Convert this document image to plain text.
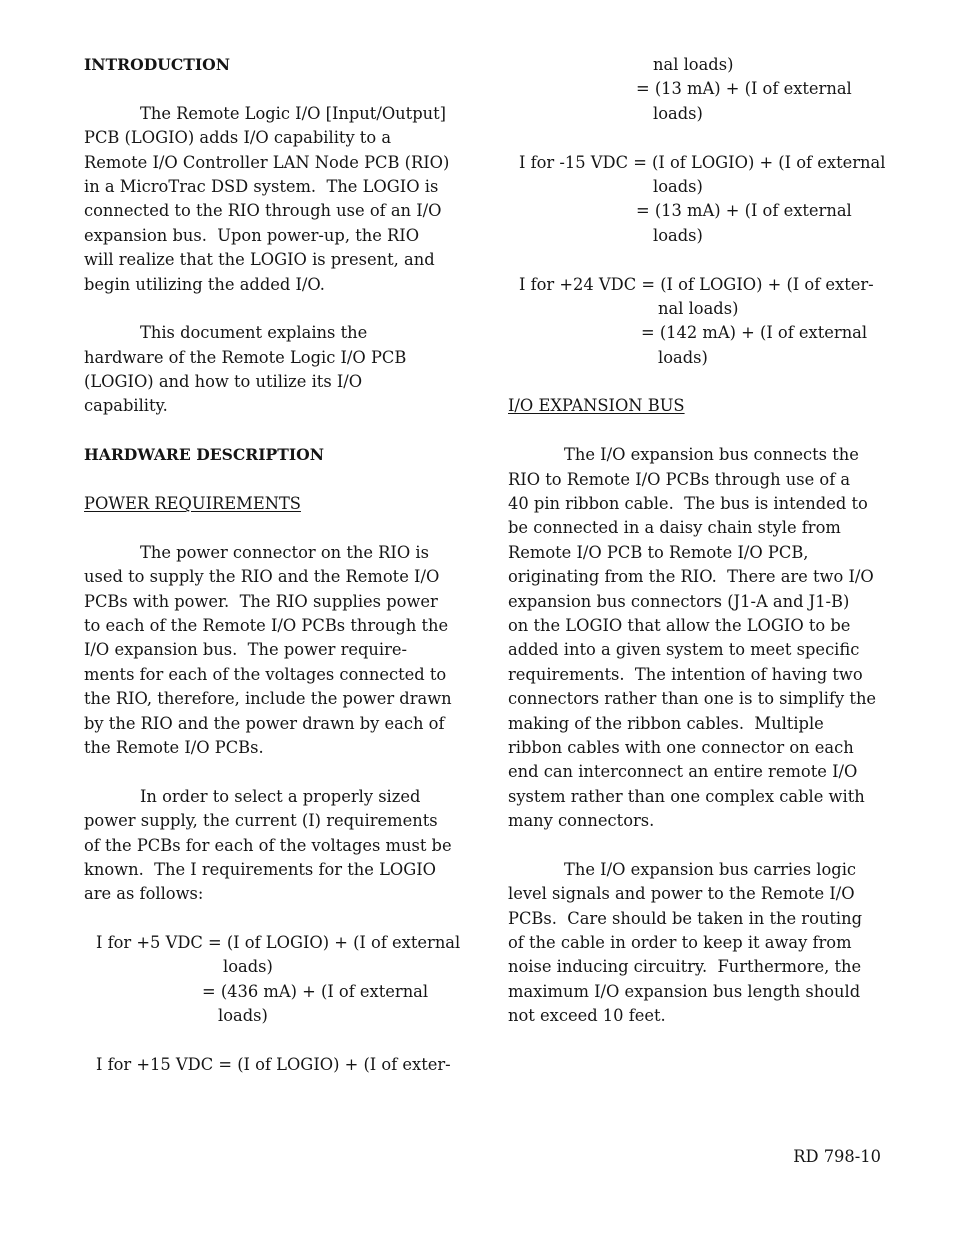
INTRODUCTION
The Remote Logic I/O [Input/Output]
PCB (LOGIO) adds I/O capability to a
Remote I/O Controller LAN Node PCB (RIO)
in a MicroTrac DSD system.  The LOGIO is
connected to the RIO through use of an I/O
expansion bus.  Upon power-up, the RIO
will realize that the LOGIO is present, and
begin utilizing the added I/O.
This document explains the
hardware of the Remote Logic I/O PCB
(LOGIO) and how to utilize its I/O
capability.
HARDWARE DESCRIPTION
POWER REQUIREMENTS
The power connector on the RIO is
used to supply the RIO and the Remote I/O
PCBs with power.  The RIO supplies power
to each of the Remote I/O PCBs through the
I/O expansion bus.  The power require-
ments for each of the voltages connected to
the RIO, therefore, include the power drawn
by the RIO and the power drawn by each of
the Remote I/O PCBs.
In order to select a properly sized
power supply, the current (I) requirements
of the PCBs for each of the voltages must be
known.  The I requirements for the LOGIO
are as follows:
I for +5 VDC = (I of LOGIO) + (I of external
loads)
= (436 mA) + (I of external
loads)
I for +15 VDC = (I of LOGIO) + (I of exter-
nal loads)
= (13 mA) + (I of external
loads)
I for -15 VDC = (I of LOGIO) + (I of external
loads)
= (13 mA) + (I of external
loads)
I for +24 VDC = (I of LOGIO) + (I of exter-
nal loads)
= (142 mA) + (I of external
loads)
I/O EXPANSION BUS
The I/O expansion bus connects the
RIO to Remote I/O PCBs through use of a
40 pin ribbon cable.  The bus is intended to
be connected in a daisy chain style from
Remote I/O PCB to Remote I/O PCB,
originating from the RIO.  There are two I/O
expansion bus connectors (J1-A and J1-B)
on the LOGIO that allow the LOGIO to be
added into a given system to meet specific
requirements.  The intention of having two
connectors rather than one is to simplify the
making of the ribbon cables.  Multiple
ribbon cables with one connector on each
end can interconnect an entire remote I/O
system rather than one complex cable with
many connectors.
The I/O expansion bus carries logic
level signals and power to the Remote I/O
PCBs.  Care should be taken in the routing
of the cable in order to keep it away from
noise inducing circuitry.  Furthermore, the
maximum I/O expansion bus length should
not exceed 10 feet.
RD 798-10
